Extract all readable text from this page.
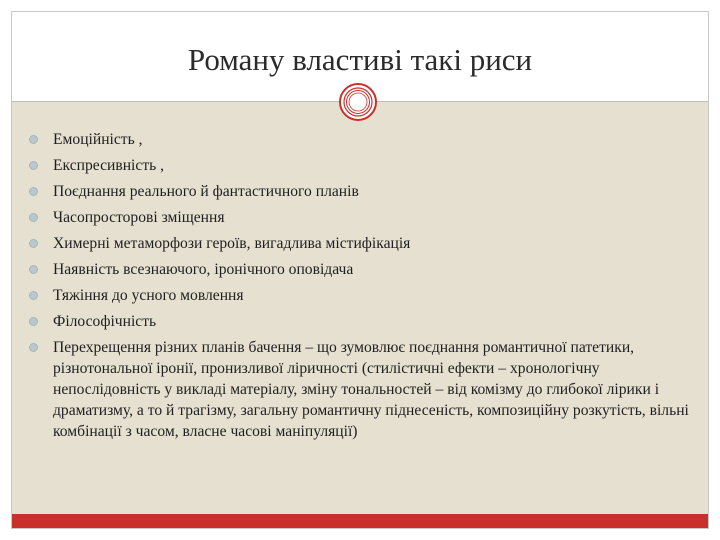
Роману властиві такі риси
Емоційність ,
Експресивність ,
Поєднання реального й фантастичного планів
Часопросторові зміщення
Химерні метаморфози героїв, вигадлива містифікація
Наявність всезнаючого, іронічного оповідача
Тяжіння до усного мовлення
Філософічність
Перехрещення різних планів бачення – що зумовлює поєднання романтичної патетики, різнотональної іронії, пронизливої ліричності (стилістичні ефекти – хронологічну непослідовність у викладі матеріалу, зміну тональностей – від комізму до глибокої лірики і драматизму, а то й трагізму, загальну романтичну піднесеність, композиційну розкутість, вільні комбінації з часом, власне часові маніпуляції)
